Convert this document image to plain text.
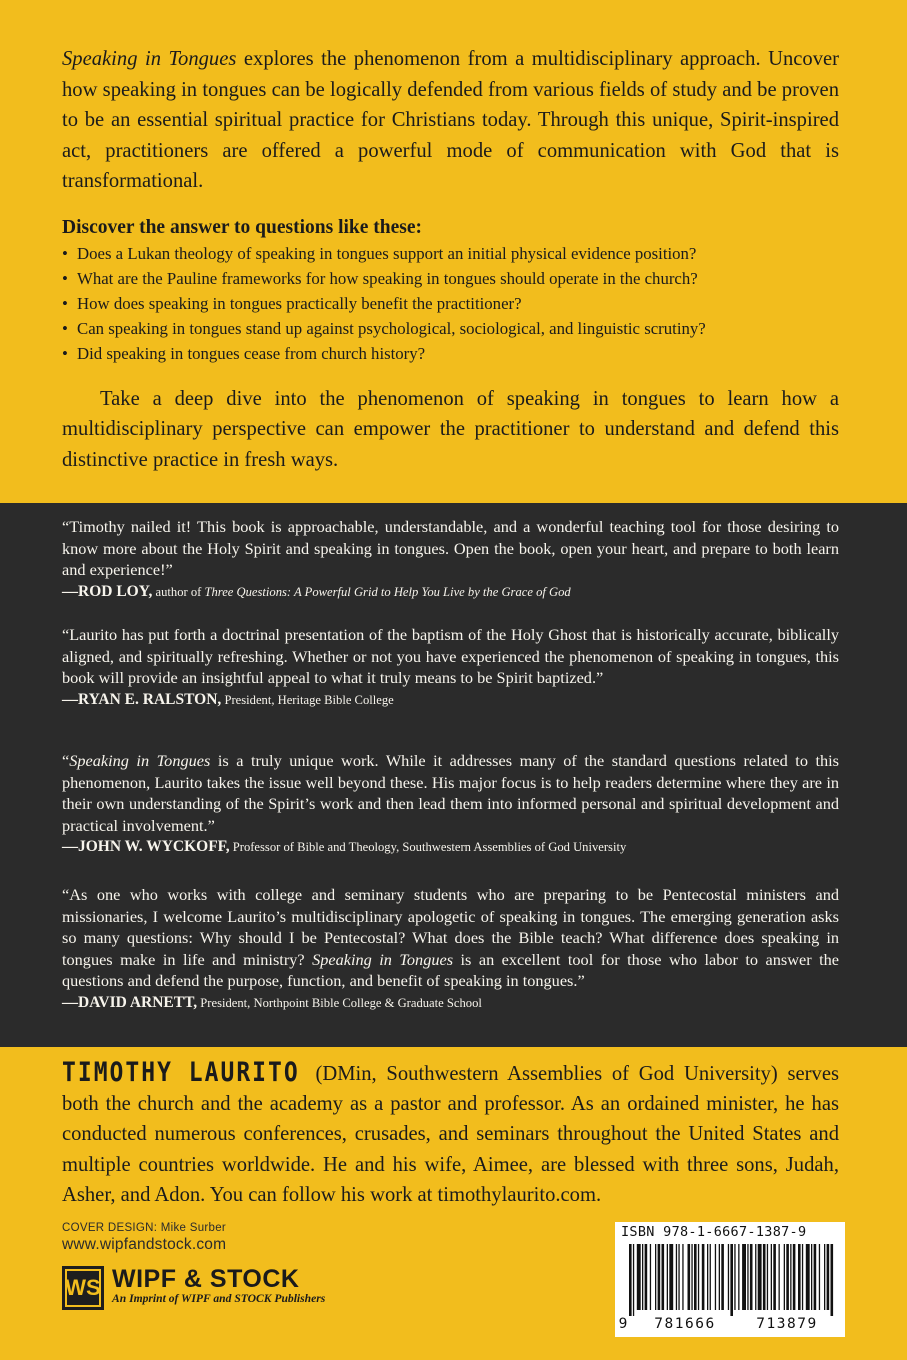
Speaking in Tongues explores the phenomenon from a multidisciplinary approach. Uncover how speaking in tongues can be logically defended from various fields of study and be proven to be an essential spiritual practice for Christians today. Through this unique, Spirit-inspired act, practitioners are offered a powerful mode of communication with God that is transformational.

Discover the answer to questions like these:

• Does a Lukan theology of speaking in tongues support an initial physical evidence position?
• What are the Pauline frameworks for how speaking in tongues should operate in the church?
• How does speaking in tongues practically benefit the practitioner?
• Can speaking in tongues stand up against psychological, sociological, and linguistic scrutiny?
• Did speaking in tongues cease from church history?

Take a deep dive into the phenomenon of speaking in tongues to learn how a multidisciplinary perspective can empower the practitioner to understand and defend this distinctive practice in fresh ways.

“Timothy nailed it! This book is approachable, understandable, and a wonderful teaching tool for those desiring to know more about the Holy Spirit and speaking in tongues. Open the book, open your heart, and prepare to both learn and experience!”

—ROD LOY, author of Three Questions: A Powerful Grid to Help You Live by the Grace of God

“Laurito has put forth a doctrinal presentation of the baptism of the Holy Ghost that is historically accurate, biblically aligned, and spiritually refreshing. Whether or not you have experienced the phenomenon of speaking in tongues, this book will provide an insightful appeal to what it truly means to be Spirit baptized.”

—RYAN E. RALSTON, President, Heritage Bible College

“Speaking in Tongues is a truly unique work. While it addresses many of the standard questions related to this phenomenon, Laurito takes the issue well beyond these. His major focus is to help readers determine where they are in their own understanding of the Spirit’s work and then lead them into informed personal and spiritual development and practical involvement.”

—JOHN W. WYCKOFF, Professor of Bible and Theology, Southwestern Assemblies of God University

“As one who works with college and seminary students who are preparing to be Pentecostal ministers and missionaries, I welcome Laurito’s multidisciplinary apologetic of speaking in tongues. The emerging generation asks so many questions: Why should I be Pentecostal? What does the Bible teach? What difference does speaking in tongues make in life and ministry? Speaking in Tongues is an excellent tool for those who labor to answer the questions and defend the purpose, function, and benefit of speaking in tongues.”

—DAVID ARNETT, President, Northpoint Bible College & Graduate School

TIMOTHY LAURITO (DMin, Southwestern Assemblies of God University) serves both the church and the academy as a pastor and professor. As an ordained minister, he has conducted numerous conferences, crusades, and seminars throughout the United States and multiple countries worldwide. He and his wife, Aimee, are blessed with three sons, Judah, Asher, and Adon. You can follow his work at timothylaurito.com.

COVER DESIGN: Mike Surber
www.wipfandstock.com
WS WIPF & STOCK
An Imprint of WIPF and STOCK Publishers
ISBN 978-1-6667-1387-9
9	781666	713879
